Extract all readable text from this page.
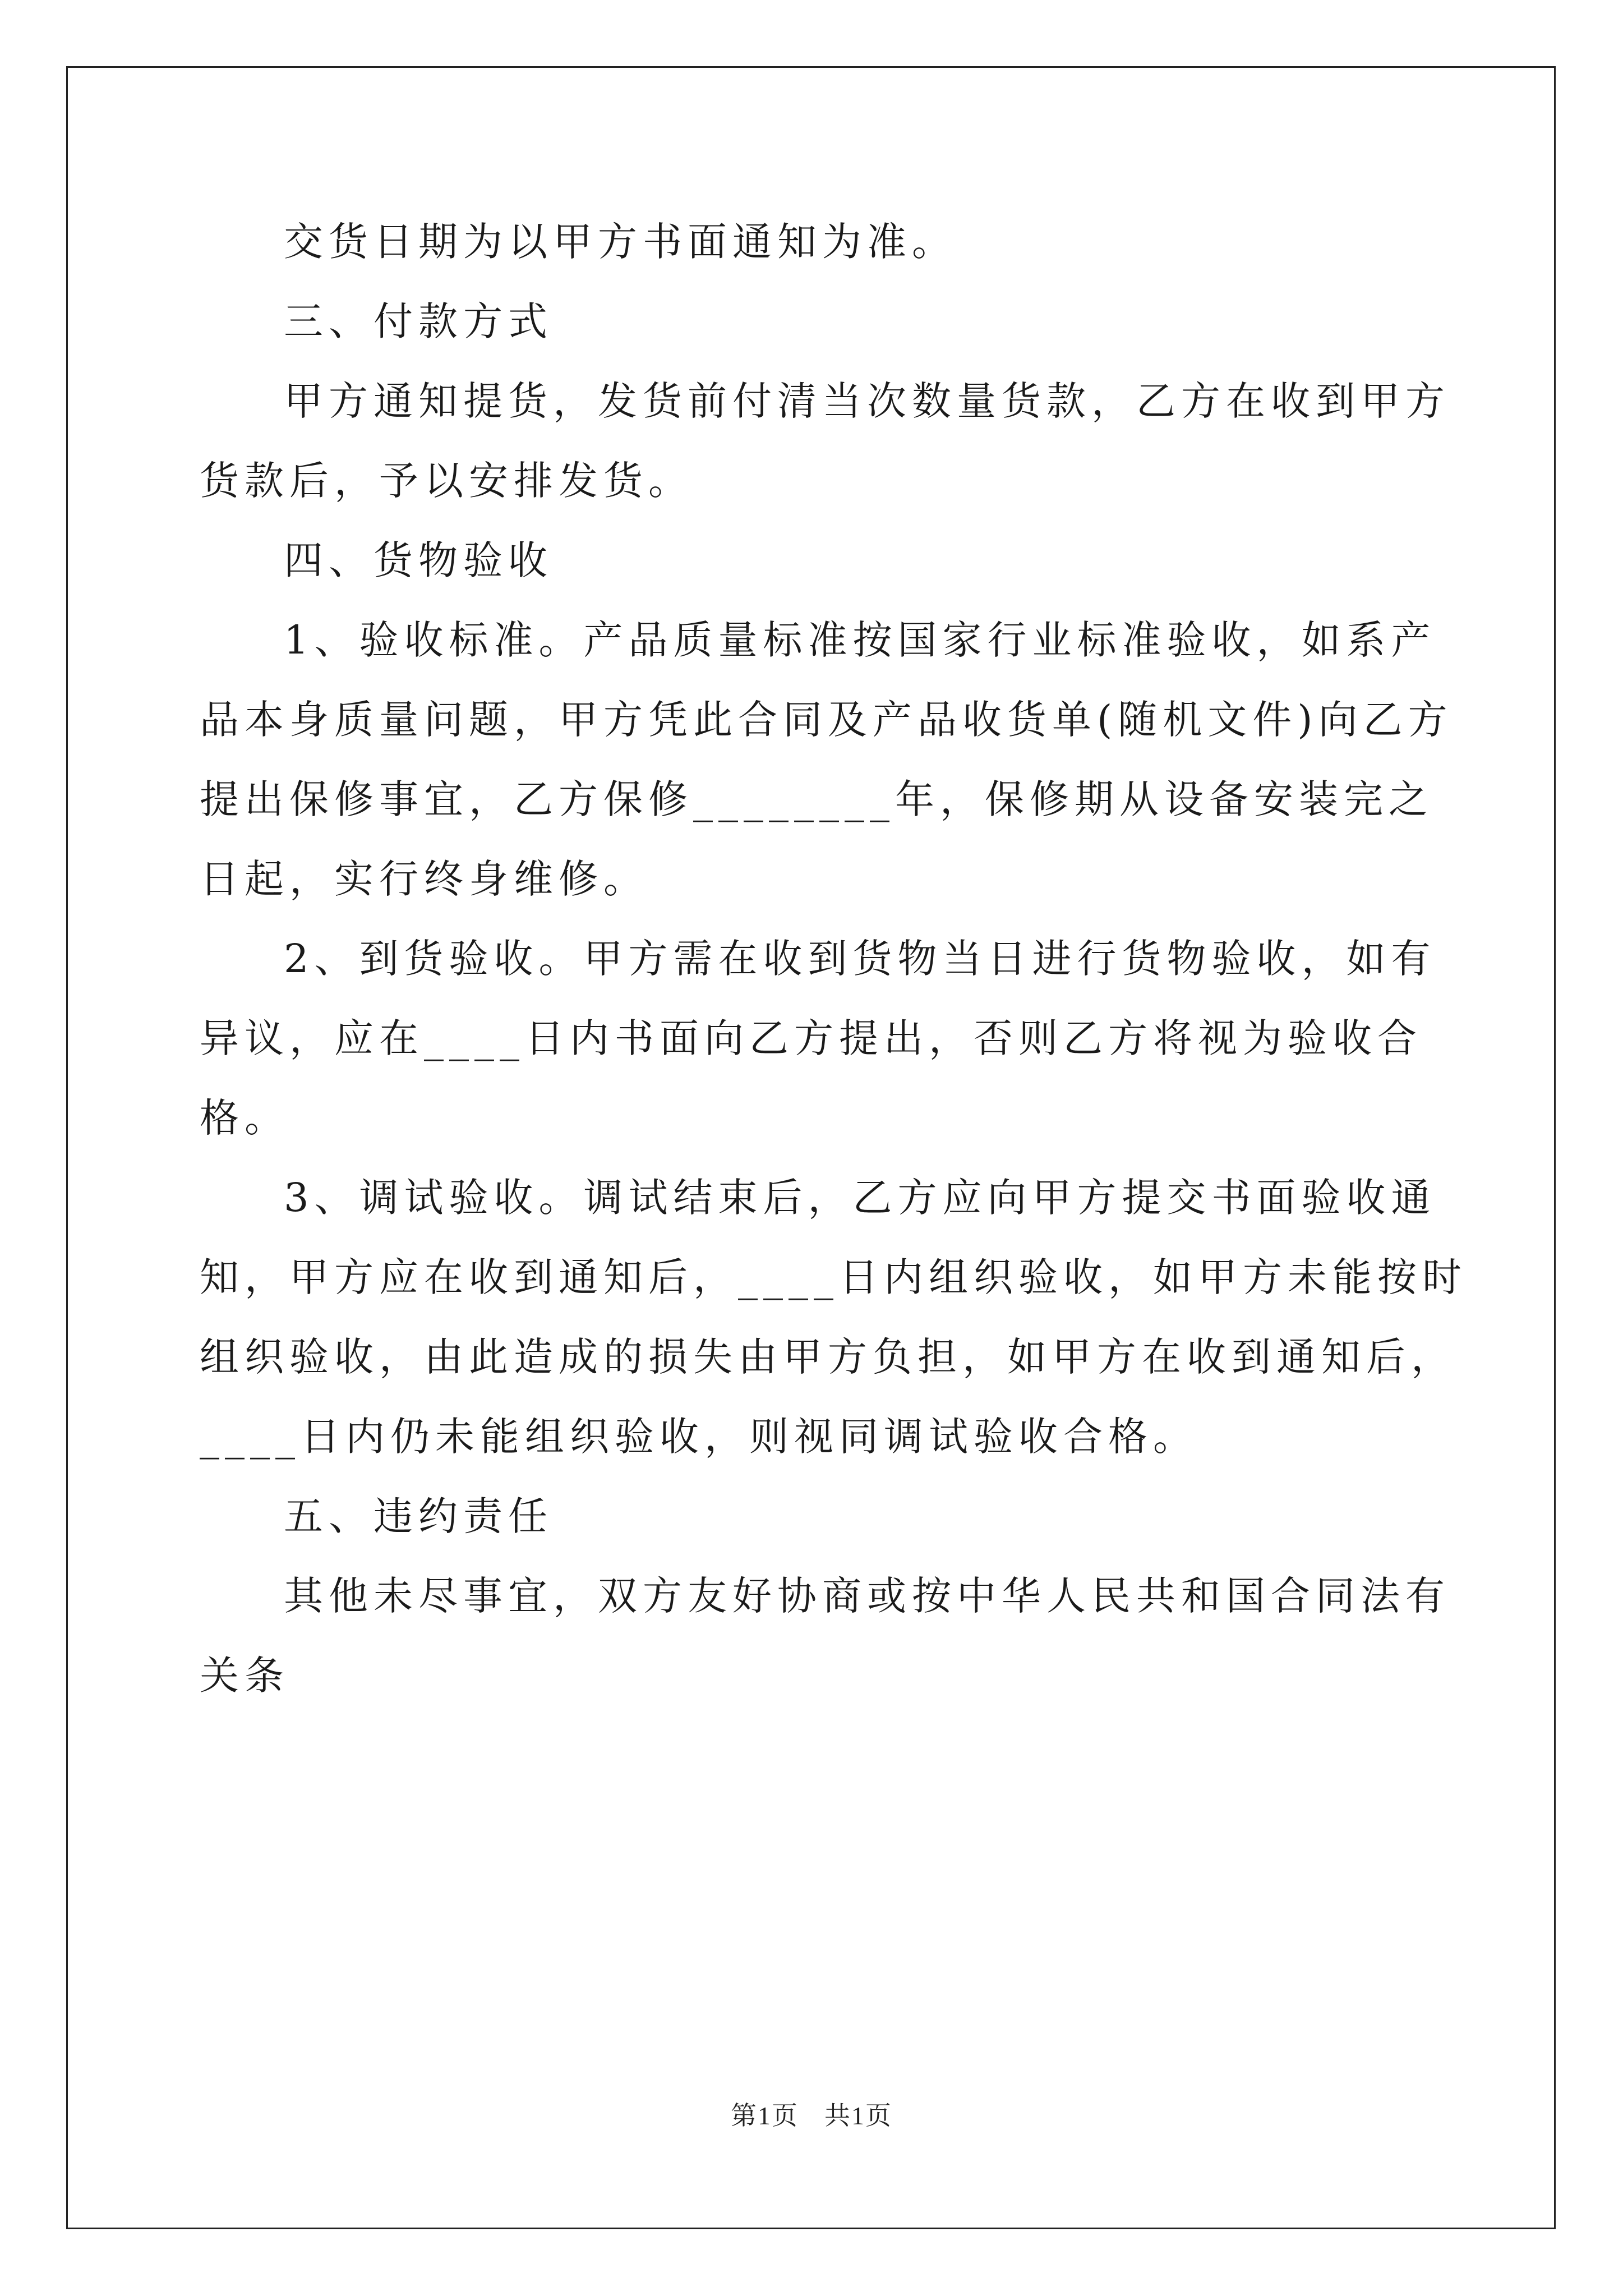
交货日期为以甲方书面通知为准。

三、付款方式

甲方通知提货，发货前付清当次数量货款，乙方在收到甲方货款后，予以安排发货。

四、货物验收

1、验收标准。产品质量标准按国家行业标准验收，如系产品本身质量问题，甲方凭此合同及产品收货单(随机文件)向乙方提出保修事宜，乙方保修________年，保修期从设备安装完之日起，实行终身维修。

2、到货验收。甲方需在收到货物当日进行货物验收，如有异议，应在____日内书面向乙方提出，否则乙方将视为验收合格。

3、调试验收。调试结束后，乙方应向甲方提交书面验收通知，甲方应在收到通知后，____日内组织验收，如甲方未能按时组织验收，由此造成的损失由甲方负担，如甲方在收到通知后，____日内仍未能组织验收，则视同调试验收合格。

五、违约责任

其他未尽事宜，双方友好协商或按中华人民共和国合同法有关条

第1页 共1页
